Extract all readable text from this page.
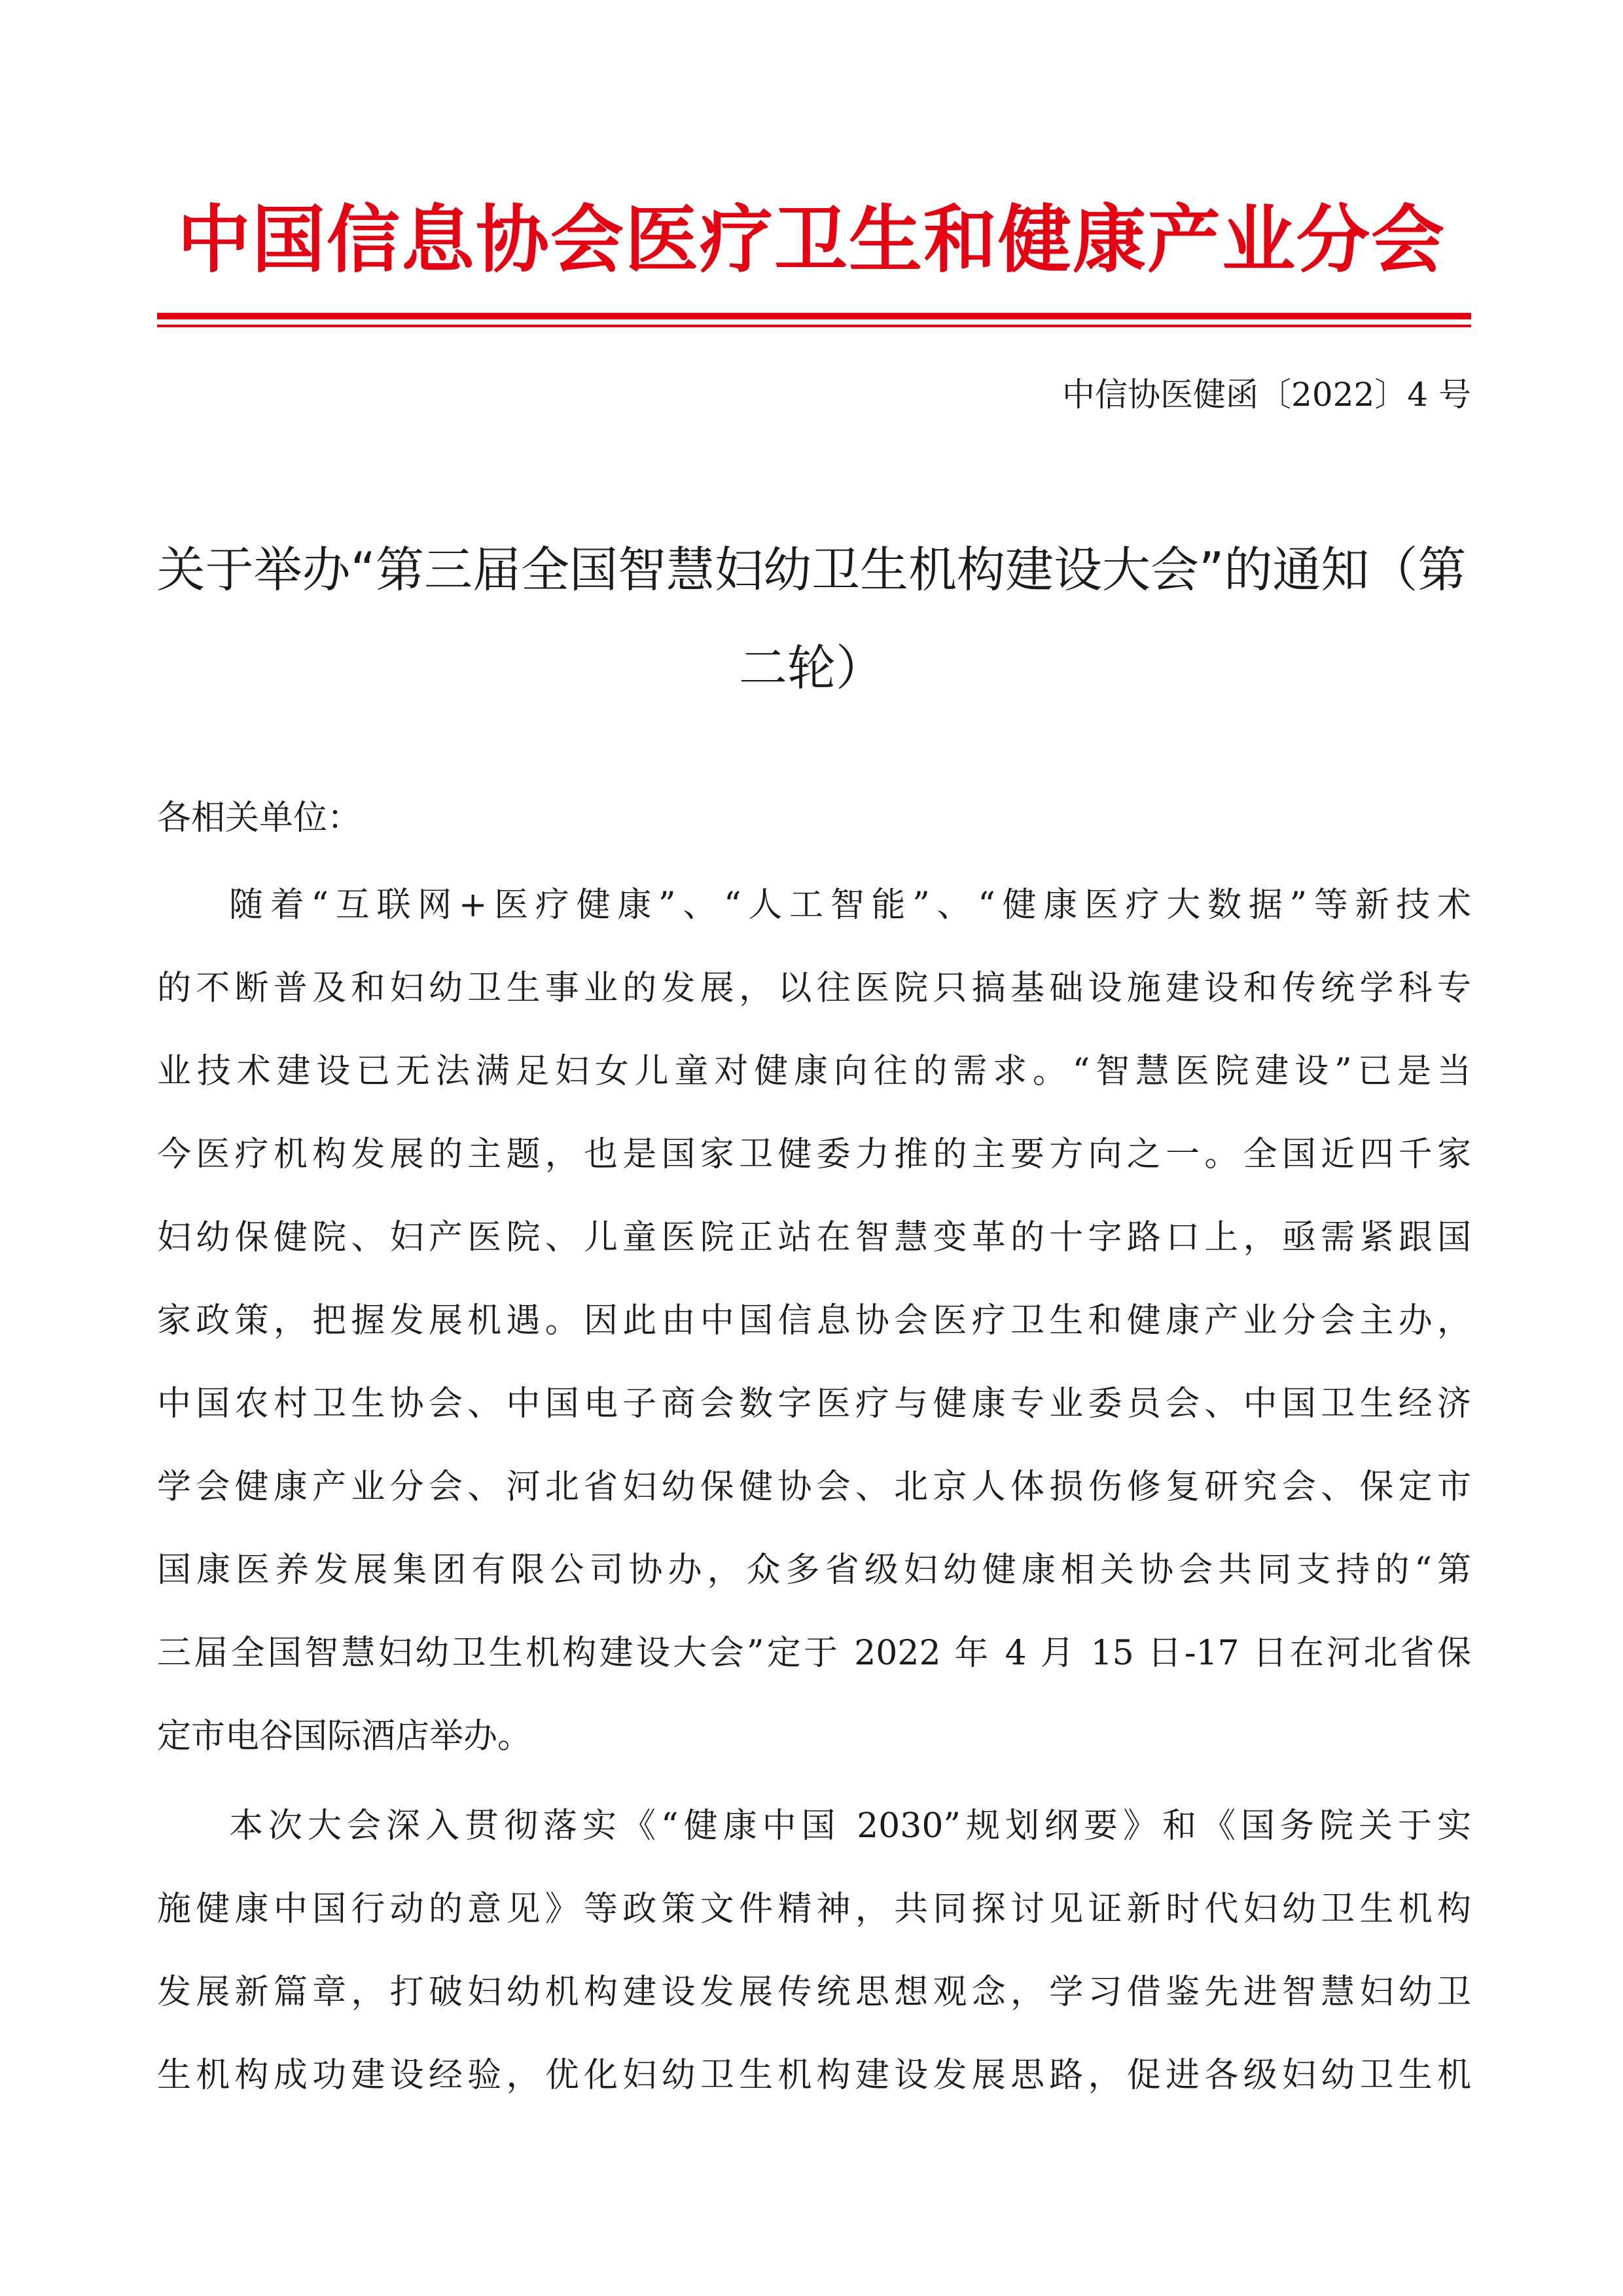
中国信息协会医疗卫生和健康产业分会
中信协医健函〔2022〕4 号
关于举办“第三届全国智慧妇幼卫生机构建设大会”的通知（第
二轮）
各相关单位：
随着“互联网+医疗健康”、“人工智能”、“健康医疗大数据”等新技术
的不断普及和妇幼卫生事业的发展，以往医院只搞基础设施建设和传统学科专
业技术建设已无法满足妇女儿童对健康向往的需求。“智慧医院建设”已是当
今医疗机构发展的主题，也是国家卫健委力推的主要方向之一。全国近四千家
妇幼保健院、妇产医院、儿童医院正站在智慧变革的十字路口上，亟需紧跟国
家政策，把握发展机遇。因此由中国信息协会医疗卫生和健康产业分会主办，
中国农村卫生协会、中国电子商会数字医疗与健康专业委员会、中国卫生经济
学会健康产业分会、河北省妇幼保健协会、北京人体损伤修复研究会、保定市
国康医养发展集团有限公司协办，众多省级妇幼健康相关协会共同支持的“第
三届全国智慧妇幼卫生机构建设大会”定于 2022 年 4 月 15 日-17 日在河北省保
定市电谷国际酒店举办。
本次大会深入贯彻落实《“健康中国 2030”规划纲要》和《国务院关于实
施健康中国行动的意见》等政策文件精神，共同探讨见证新时代妇幼卫生机构
发展新篇章，打破妇幼机构建设发展传统思想观念，学习借鉴先进智慧妇幼卫
生机构成功建设经验，优化妇幼卫生机构建设发展思路，促进各级妇幼卫生机
